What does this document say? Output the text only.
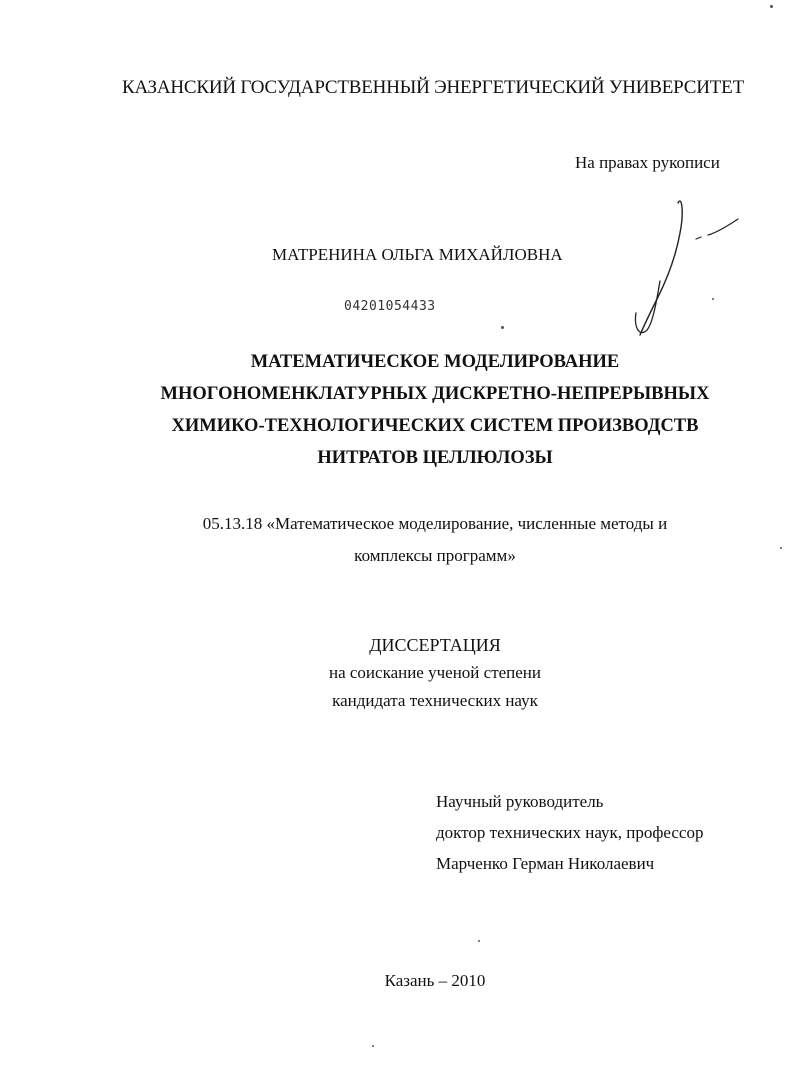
КАЗАНСКИЙ ГОСУДАРСТВЕННЫЙ ЭНЕРГЕТИЧЕСКИЙ УНИВЕРСИТЕТ
На правах рукописи
МАТРЕНИНА ОЛЬГА МИХАЙЛОВНА
04201054433
МАТЕМАТИЧЕСКОЕ МОДЕЛИРОВАНИЕ
МНОГОНОМЕНКЛАТУРНЫХ ДИСКРЕТНО-НЕПРЕРЫВНЫХ
ХИМИКО-ТЕХНОЛОГИЧЕСКИХ СИСТЕМ ПРОИЗВОДСТВ
НИТРАТОВ ЦЕЛЛЮЛОЗЫ
05.13.18 «Математическое моделирование, численные методы и
комплексы программ»
ДИССЕРТАЦИЯ
на соискание ученой степени
кандидата технических наук
Научный руководитель
доктор технических наук, профессор
Марченко Герман Николаевич
Казань – 2010
